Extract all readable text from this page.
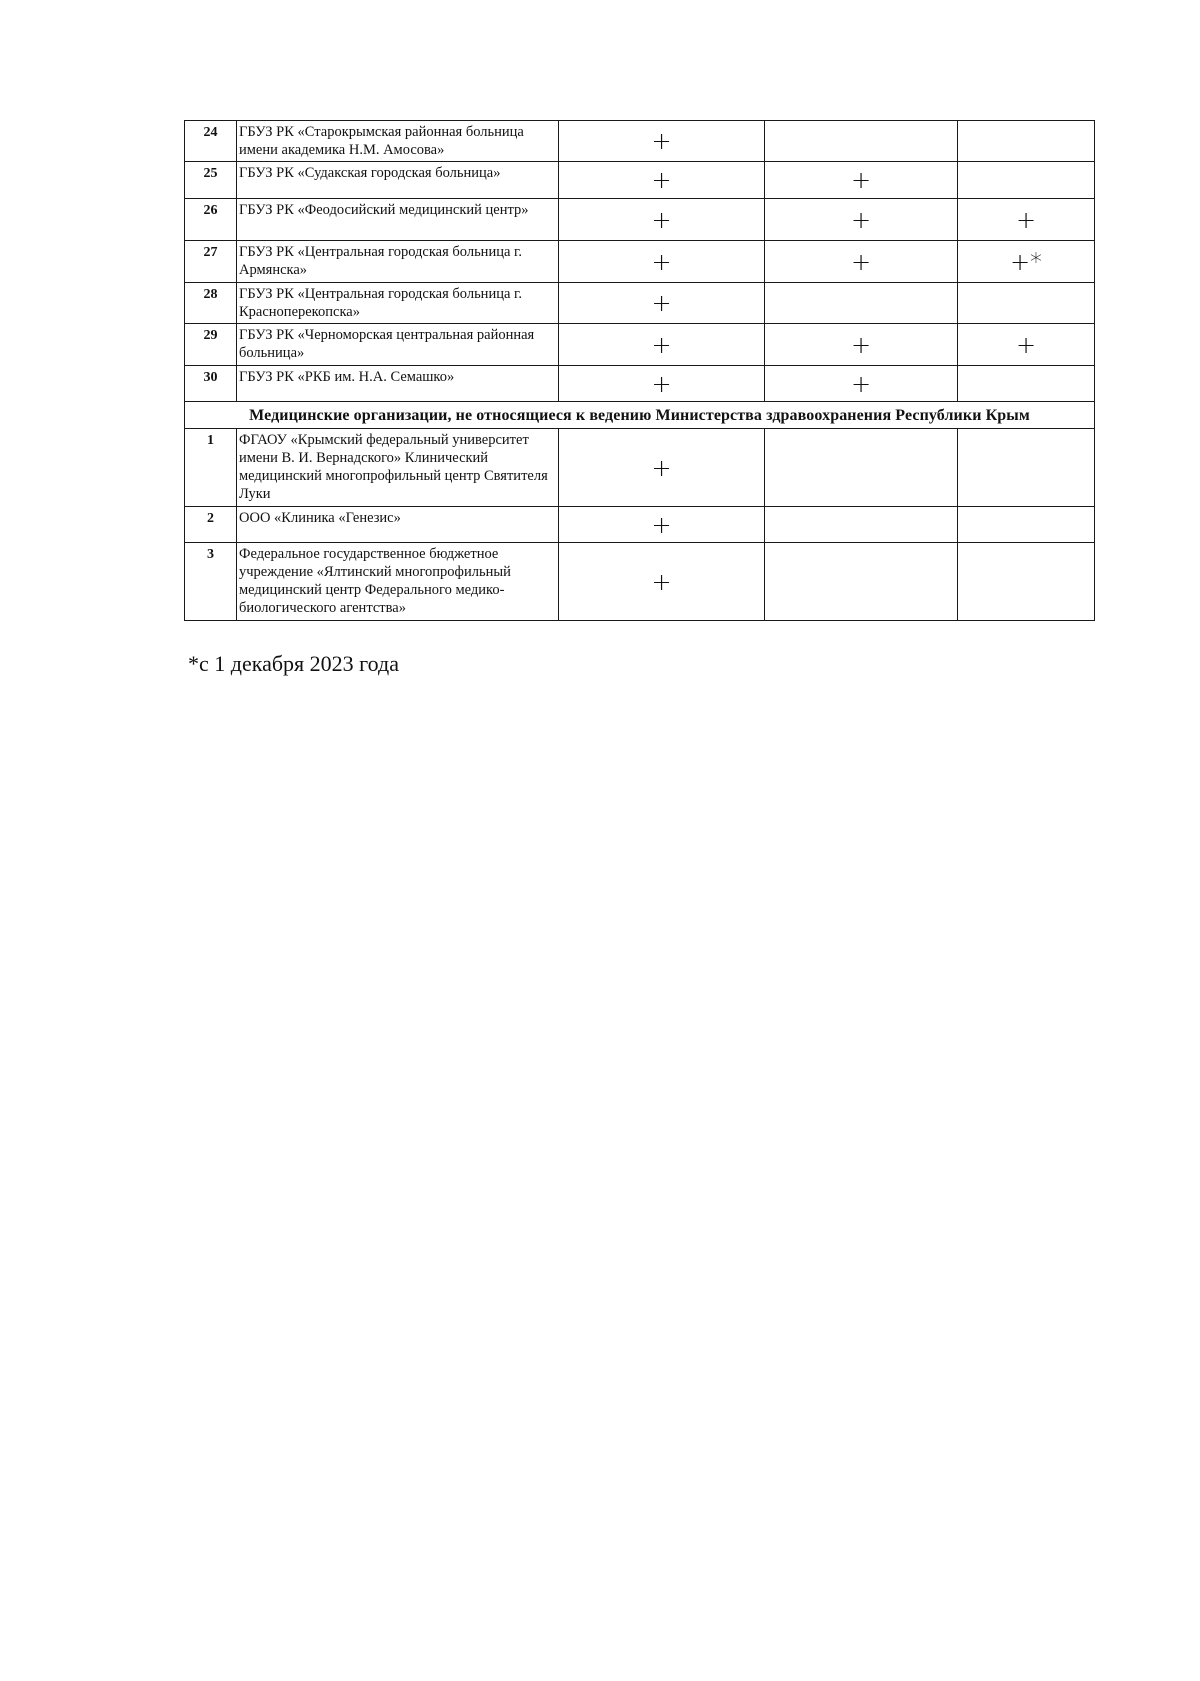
24	ГБУЗ РК «Старокрымская районная больница имени академика Н.М. Амосова»	+		
25	ГБУЗ РК «Судакская городская больница»	+	+	
26	ГБУЗ РК «Феодосийский медицинский центр»	+	+	+
27	ГБУЗ РК «Центральная городская больница г. Армянска»	+	+	+*
28	ГБУЗ РК «Центральная городская больница г. Красноперекопска»	+		
29	ГБУЗ РК «Черноморская центральная районная больница»	+	+	+
30	ГБУЗ РК «РКБ им. Н.А. Семашко»	+	+	
Медицинские организации, не относящиеся к ведению Министерства здравоохранения Республики Крым				
1	ФГАОУ «Крымский федеральный университет имени В. И. Вернадского» Клинический медицинский многопрофильный центр Святителя Луки	+		
2	ООО «Клиника «Генезис»	+		
3	Федеральное государственное бюджетное учреждение «Ялтинский многопрофильный медицинский центр Федерального медико-биологического агентства»	+		
*с 1 декабря 2023 года
